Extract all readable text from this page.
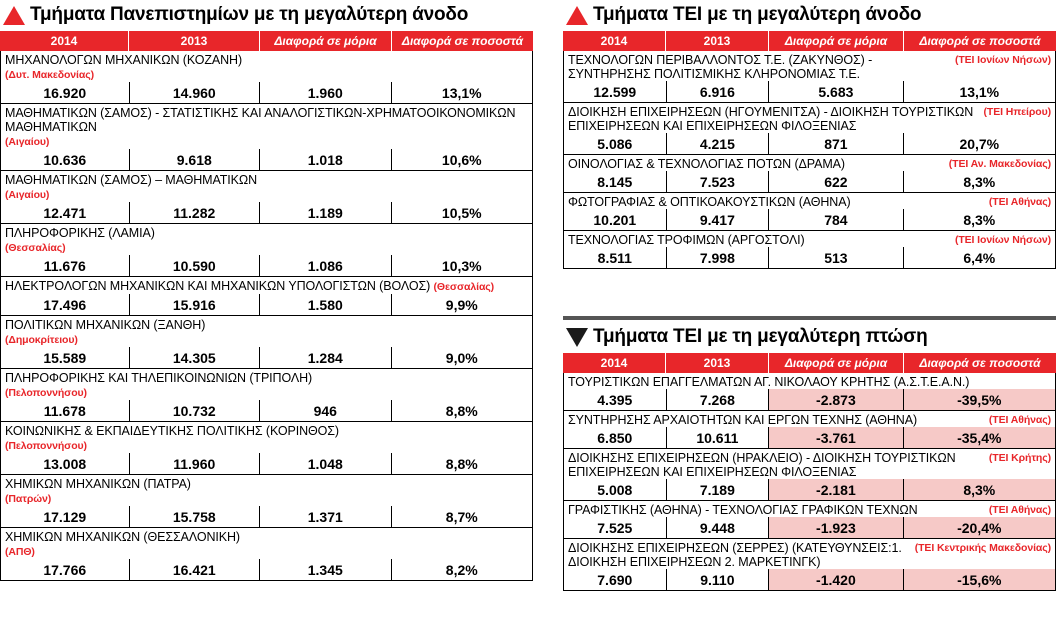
Τμήματα Πανεπιστημίων με τη μεγαλύτερη άνοδο
2014	2013	Διαφορά σε μόρια	Διαφορά σε ποσοστά
ΜΗΧΑΝΟΛΟΓΩΝ ΜΗΧΑΝΙΚΩΝ (ΚΟΖΑΝΗ)
(Δυτ. Μακεδονίας)
16.920	14.960	1.960	13,1%
ΜΑΘΗΜΑΤΙΚΩΝ (ΣΑΜΟΣ) - ΣΤΑΤΙΣΤΙΚΗΣ ΚΑΙ ΑΝΑΛΟΓΙΣΤΙΚΩΝ-ΧΡΗΜΑΤΟΟΙΚΟΝΟΜΙΚΩΝ ΜΑΘΗΜΑΤΙΚΩΝ
(Αιγαίου)
10.636	9.618	1.018	10,6%
ΜΑΘΗΜΑΤΙΚΩΝ (ΣΑΜΟΣ) – ΜΑΘΗΜΑΤΙΚΩΝ
(Αιγαίου)
12.471	11.282	1.189	10,5%
ΠΛΗΡΟΦΟΡΙΚΗΣ (ΛΑΜΙΑ)
(Θεσσαλίας)
11.676	10.590	1.086	10,3%
ΗΛΕΚΤΡΟΛΟΓΩΝ ΜΗΧΑΝΙΚΩΝ ΚΑΙ ΜΗΧΑΝΙΚΩΝ ΥΠΟΛΟΓΙΣΤΩΝ (ΒΟΛΟΣ) (Θεσσαλίας)
17.496	15.916	1.580	9,9%
ΠΟΛΙΤΙΚΩΝ ΜΗΧΑΝΙΚΩΝ (ΞΑΝΘΗ)
(Δημοκρίτειου)
15.589	14.305	1.284	9,0%
ΠΛΗΡΟΦΟΡΙΚΗΣ ΚΑΙ ΤΗΛΕΠΙΚΟΙΝΩΝΙΩΝ (ΤΡΙΠΟΛΗ)
(Πελοποννήσου)
11.678	10.732	946	8,8%
ΚΟΙΝΩΝΙΚΗΣ & ΕΚΠΑΙΔΕΥΤΙΚΗΣ ΠΟΛΙΤΙΚΗΣ (ΚΟΡΙΝΘΟΣ)
(Πελοποννήσου)
13.008	11.960	1.048	8,8%
ΧΗΜΙΚΩΝ ΜΗΧΑΝΙΚΩΝ (ΠΑΤΡΑ)
(Πατρών)
17.129	15.758	1.371	8,7%
ΧΗΜΙΚΩΝ ΜΗΧΑΝΙΚΩΝ (ΘΕΣΣΑΛΟΝΙΚΗ)
(ΑΠΘ)
17.766	16.421	1.345	8,2%
Τμήματα ΤΕΙ με τη μεγαλύτερη άνοδο
2014	2013	Διαφορά σε μόρια	Διαφορά σε ποσοστά
(ΤΕΙ Ιονίων Νήσων)
ΤΕΧΝΟΛΟΓΩΝ ΠΕΡΙΒΑΛΛΟΝΤΟΣ Τ.Ε. (ΖΑΚΥΝΘΟΣ) - ΣΥΝΤΗΡΗΣΗΣ ΠΟΛΙΤΙΣΜΙΚΗΣ ΚΛΗΡΟΝΟΜΙΑΣ Τ.Ε.
12.599	6.916	5.683	13,1%
(ΤΕΙ Ηπείρου)
ΔΙΟΙΚΗΣΗ ΕΠΙΧΕΙΡΗΣΕΩΝ (ΗΓΟΥΜΕΝΙΤΣΑ) - ΔΙΟΙΚΗΣΗ ΤΟΥΡΙΣΤΙΚΩΝ ΕΠΙΧΕΙΡΗΣΕΩΝ ΚΑΙ ΕΠΙΧΕΙΡΗΣΕΩΝ ΦΙΛΟΞΕΝΙΑΣ
5.086	4.215	871	20,7%
(ΤΕΙ Αν. Μακεδονίας)
ΟΙΝΟΛΟΓΙΑΣ & ΤΕΧΝΟΛΟΓΙΑΣ ΠΟΤΩΝ (ΔΡΑΜΑ)
8.145	7.523	622	8,3%
(ΤΕΙ Αθήνας)
ΦΩΤΟΓΡΑΦΙΑΣ & ΟΠΤΙΚΟΑΚΟΥΣΤΙΚΩΝ (ΑΘΗΝΑ)
10.201	9.417	784	8,3%
(ΤΕΙ Ιονίων Νήσων)
ΤΕΧΝΟΛΟΓΙΑΣ ΤΡΟΦΙΜΩΝ (ΑΡΓΟΣΤΟΛΙ)
8.511	7.998	513	6,4%
Τμήματα ΤΕΙ με τη μεγαλύτερη πτώση
2014	2013	Διαφορά σε μόρια	Διαφορά σε ποσοστά
ΤΟΥΡΙΣΤΙΚΩΝ ΕΠΑΓΓΕΛΜΑΤΩΝ ΑΓ. ΝΙΚΟΛΑΟΥ ΚΡΗΤΗΣ (Α.Σ.Τ.Ε.Α.Ν.)
4.395	7.268	-2.873	-39,5%
(ΤΕΙ Αθήνας)
ΣΥΝΤΗΡΗΣΗΣ ΑΡΧΑΙΟΤΗΤΩΝ ΚΑΙ ΕΡΓΩΝ ΤΕΧΝΗΣ (ΑΘΗΝΑ)
6.850	10.611	-3.761	-35,4%
(ΤΕΙ Κρήτης)
ΔΙΟΙΚΗΣΗΣ ΕΠΙΧΕΙΡΗΣΕΩΝ (ΗΡΑΚΛΕΙΟ) - ΔΙΟΙΚΗΣΗ ΤΟΥΡΙΣΤΙΚΩΝ ΕΠΙΧΕΙΡΗΣΕΩΝ ΚΑΙ ΕΠΙΧΕΙΡΗΣΕΩΝ ΦΙΛΟΞΕΝΙΑΣ
5.008	7.189	-2.181	8,3%
(ΤΕΙ Αθήνας)
ΓΡΑΦΙΣΤΙΚΗΣ (ΑΘΗΝΑ) - ΤΕΧΝΟΛΟΓΙΑΣ ΓΡΑΦΙΚΩΝ ΤΕΧΝΩΝ
7.525	9.448	-1.923	-20,4%
(ΤΕΙ Κεντρικής Μακεδονίας)
ΔΙΟΙΚΗΣΗΣ ΕΠΙΧΕΙΡΗΣΕΩΝ (ΣΕΡΡΕΣ) (ΚΑΤΕΥΘΥΝΣΕΙΣ:1. ΔΙΟΙΚΗΣΗ ΕΠΙΧΕΙΡΗΣΕΩΝ 2. ΜΑΡΚΕΤΙΝΓΚ)
7.690	9.110	-1.420	-15,6%
